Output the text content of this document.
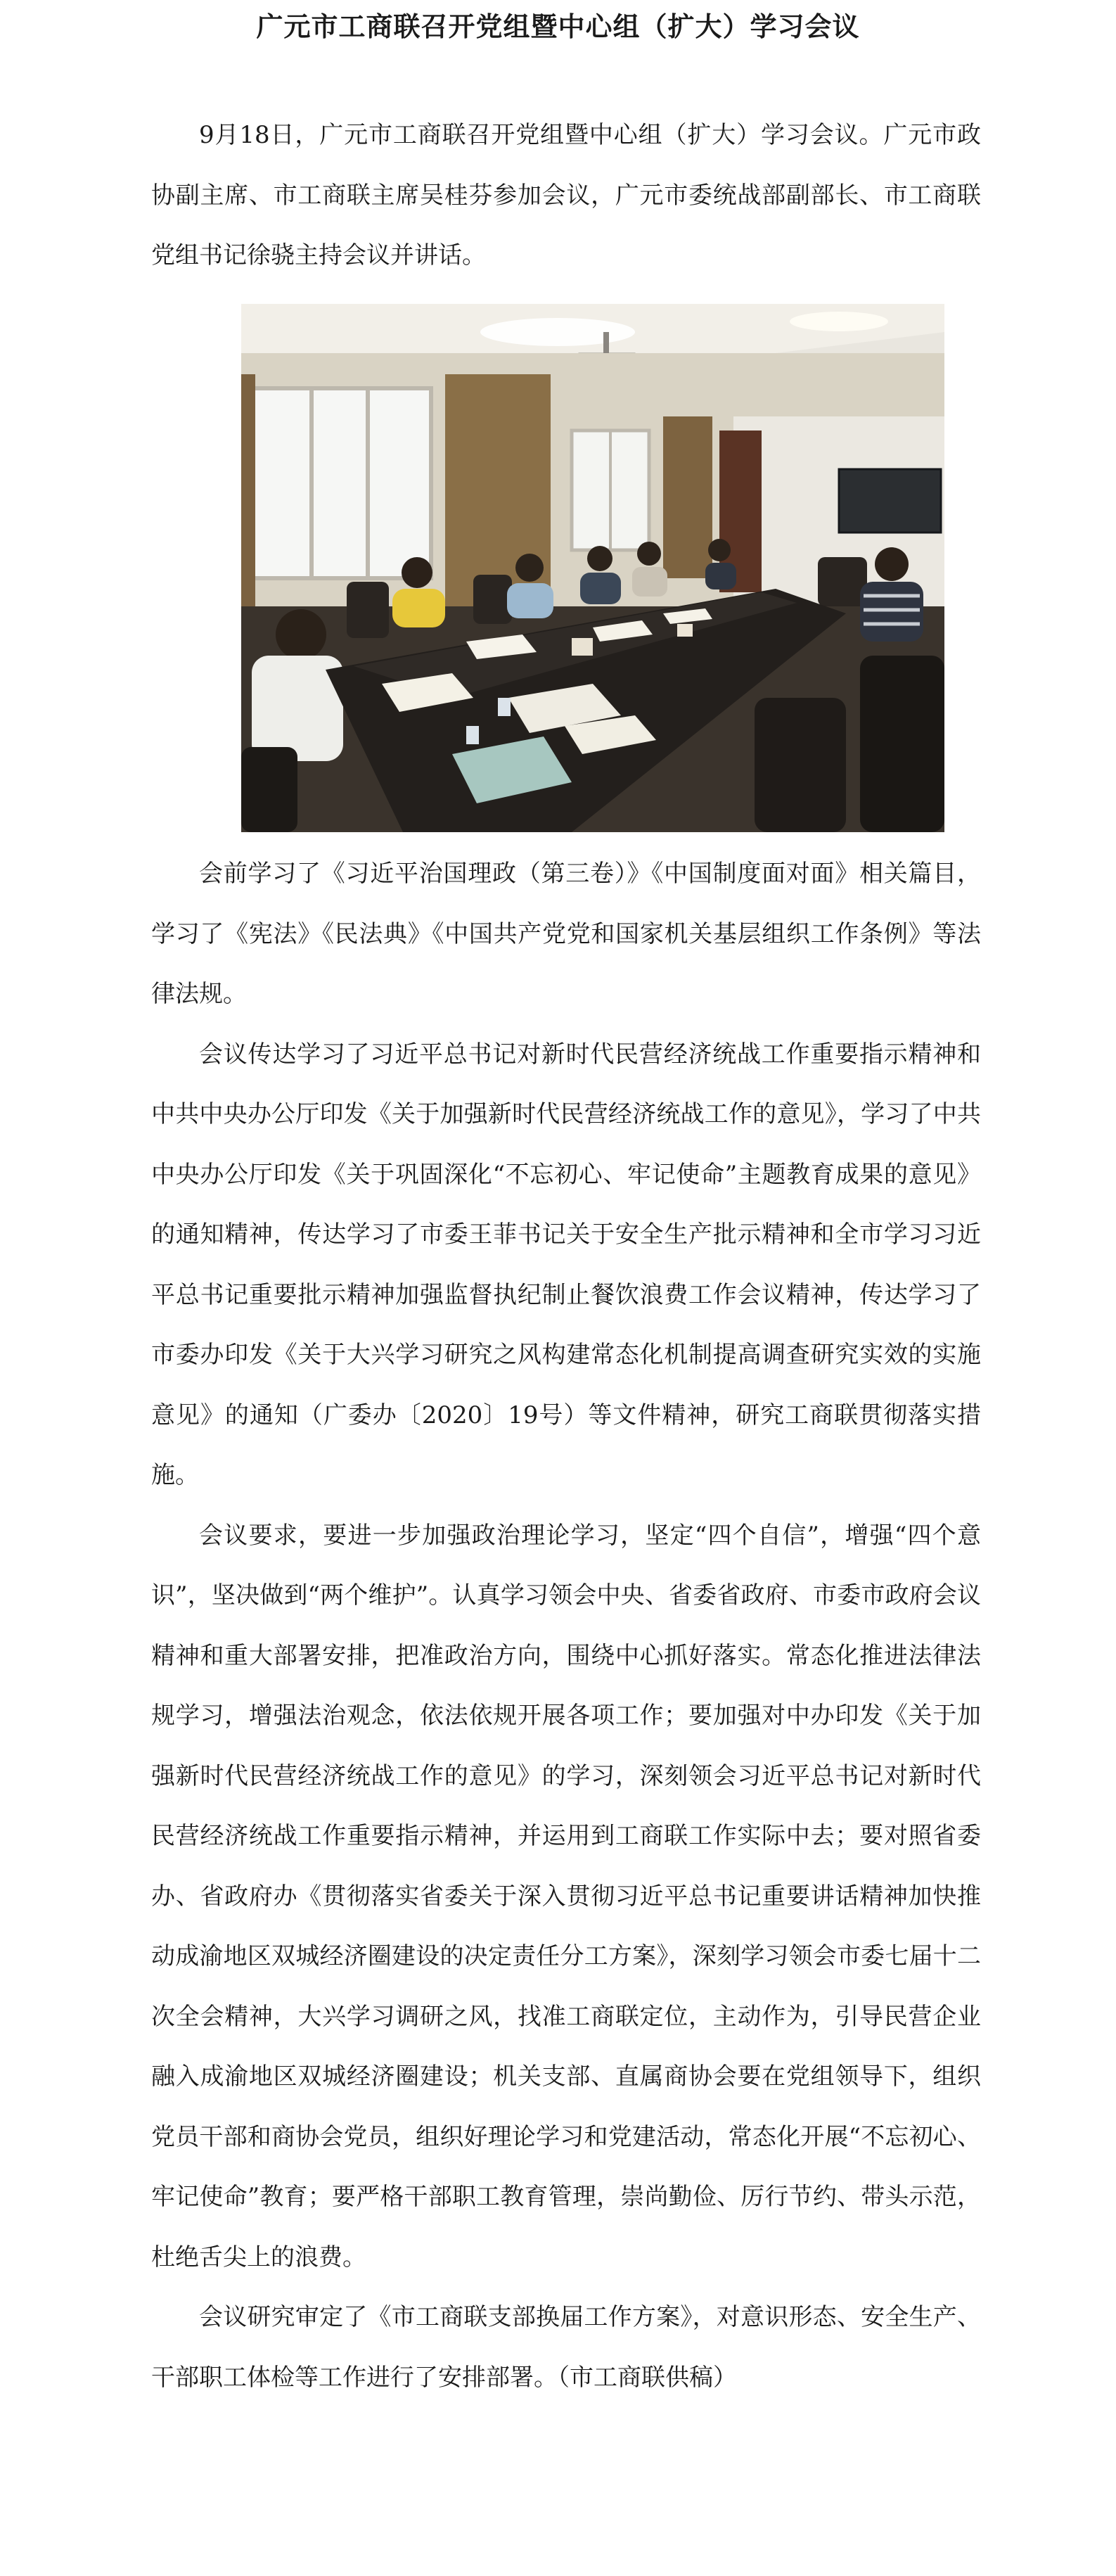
广元市工商联召开党组暨中心组（扩大）学习会议

9月18日，广元市工商联召开党组暨中心组（扩大）学习会议。广元市政协副主席、市工商联主席吴桂芬参加会议，广元市委统战部副部长、市工商联党组书记徐骁主持会议并讲话。

会前学习了《习近平治国理政（第三卷）》《中国制度面对面》相关篇目，学习了《宪法》《民法典》《中国共产党党和国家机关基层组织工作条例》等法律法规。

会议传达学习了习近平总书记对新时代民营经济统战工作重要指示精神和中共中央办公厅印发《关于加强新时代民营经济统战工作的意见》，学习了中共中央办公厅印发《关于巩固深化“不忘初心、牢记使命”主题教育成果的意见》的通知精神，传达学习了市委王菲书记关于安全生产批示精神和全市学习习近平总书记重要批示精神加强监督执纪制止餐饮浪费工作会议精神，传达学习了市委办印发《关于大兴学习研究之风构建常态化机制提高调查研究实效的实施意见》的通知（广委办〔2020〕19号）等文件精神，研究工商联贯彻落实措施。

会议要求，要进一步加强政治理论学习，坚定“四个自信”，增强“四个意识”，坚决做到“两个维护”。认真学习领会中央、省委省政府、市委市政府会议精神和重大部署安排，把准政治方向，围绕中心抓好落实。常态化推进法律法规学习，增强法治观念，依法依规开展各项工作；要加强对中办印发《关于加强新时代民营经济统战工作的意见》的学习，深刻领会习近平总书记对新时代民营经济统战工作重要指示精神，并运用到工商联工作实际中去；要对照省委办、省政府办《贯彻落实省委关于深入贯彻习近平总书记重要讲话精神加快推动成渝地区双城经济圈建设的决定责任分工方案》，深刻学习领会市委七届十二次全会精神，大兴学习调研之风，找准工商联定位，主动作为，引导民营企业融入成渝地区双城经济圈建设；机关支部、直属商协会要在党组领导下，组织党员干部和商协会党员，组织好理论学习和党建活动，常态化开展“不忘初心、牢记使命”教育；要严格干部职工教育管理，崇尚勤俭、厉行节约、带头示范，杜绝舌尖上的浪费。

会议研究审定了《市工商联支部换届工作方案》，对意识形态、安全生产、干部职工体检等工作进行了安排部署。（市工商联供稿）
